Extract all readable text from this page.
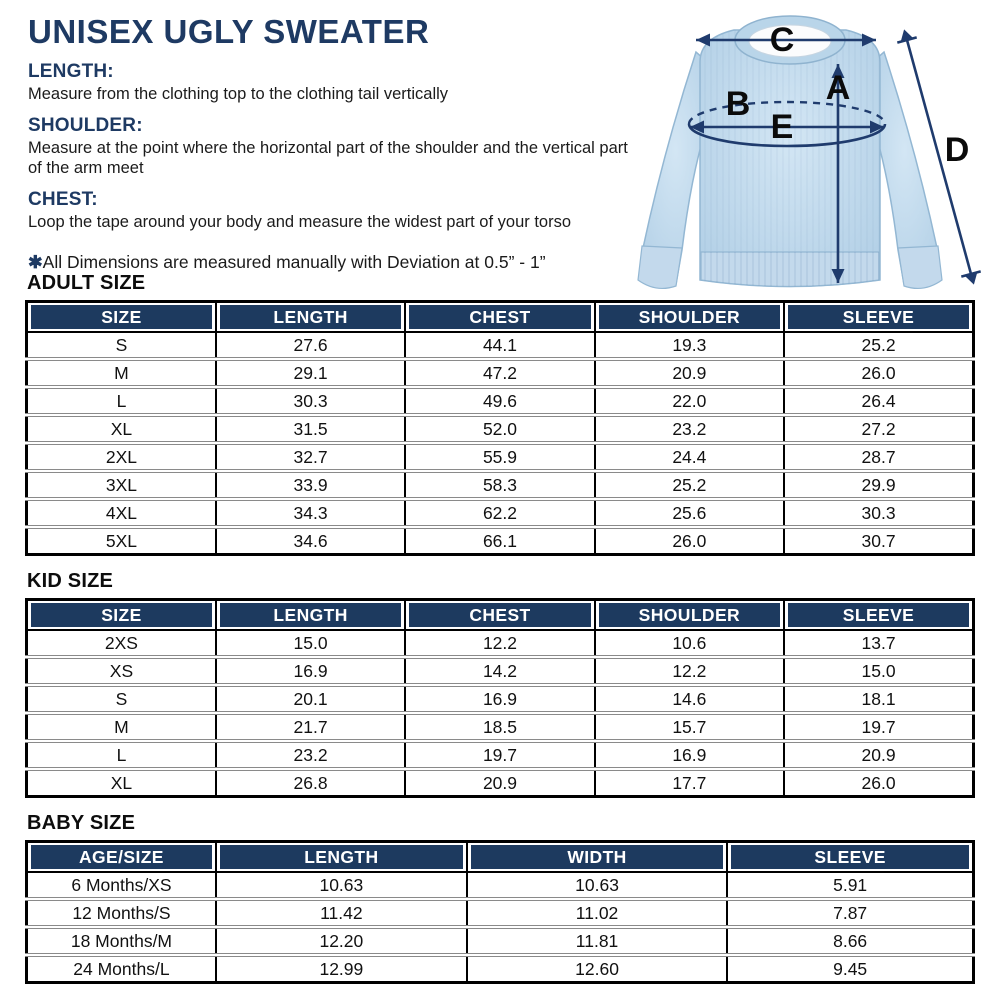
UNISEX UGLY SWEATER
LENGTH:

Measure from the clothing top to the clothing tail vertically

SHOULDER:

Measure at the point where the horizontal part of the shoulder and the vertical part of the arm meet

CHEST:

Loop the tape around your body and measure the widest part of your torso

✱All Dimensions are measured manually with Deviation at 0.5” - 1”
A
B
C
D
E
ADULT SIZE
SIZE	LENGTH	CHEST	SHOULDER	SLEEVE

S	27.6	44.1	19.3	25.2
M	29.1	47.2	20.9	26.0
L	30.3	49.6	22.0	26.4
XL	31.5	52.0	23.2	27.2
2XL	32.7	55.9	24.4	28.7
3XL	33.9	58.3	25.2	29.9
4XL	34.3	62.2	25.6	30.3
5XL	34.6	66.1	26.0	30.7
KID SIZE
SIZE	LENGTH	CHEST	SHOULDER	SLEEVE

2XS	15.0	12.2	10.6	13.7
XS	16.9	14.2	12.2	15.0
S	20.1	16.9	14.6	18.1
M	21.7	18.5	15.7	19.7
L	23.2	19.7	16.9	20.9
XL	26.8	20.9	17.7	26.0
BABY SIZE
AGE/SIZE	LENGTH	WIDTH	SLEEVE

6 Months/XS	10.63	10.63	5.91
12 Months/S	11.42	11.02	7.87
18 Months/M	12.20	11.81	8.66
24 Months/L	12.99	12.60	9.45
